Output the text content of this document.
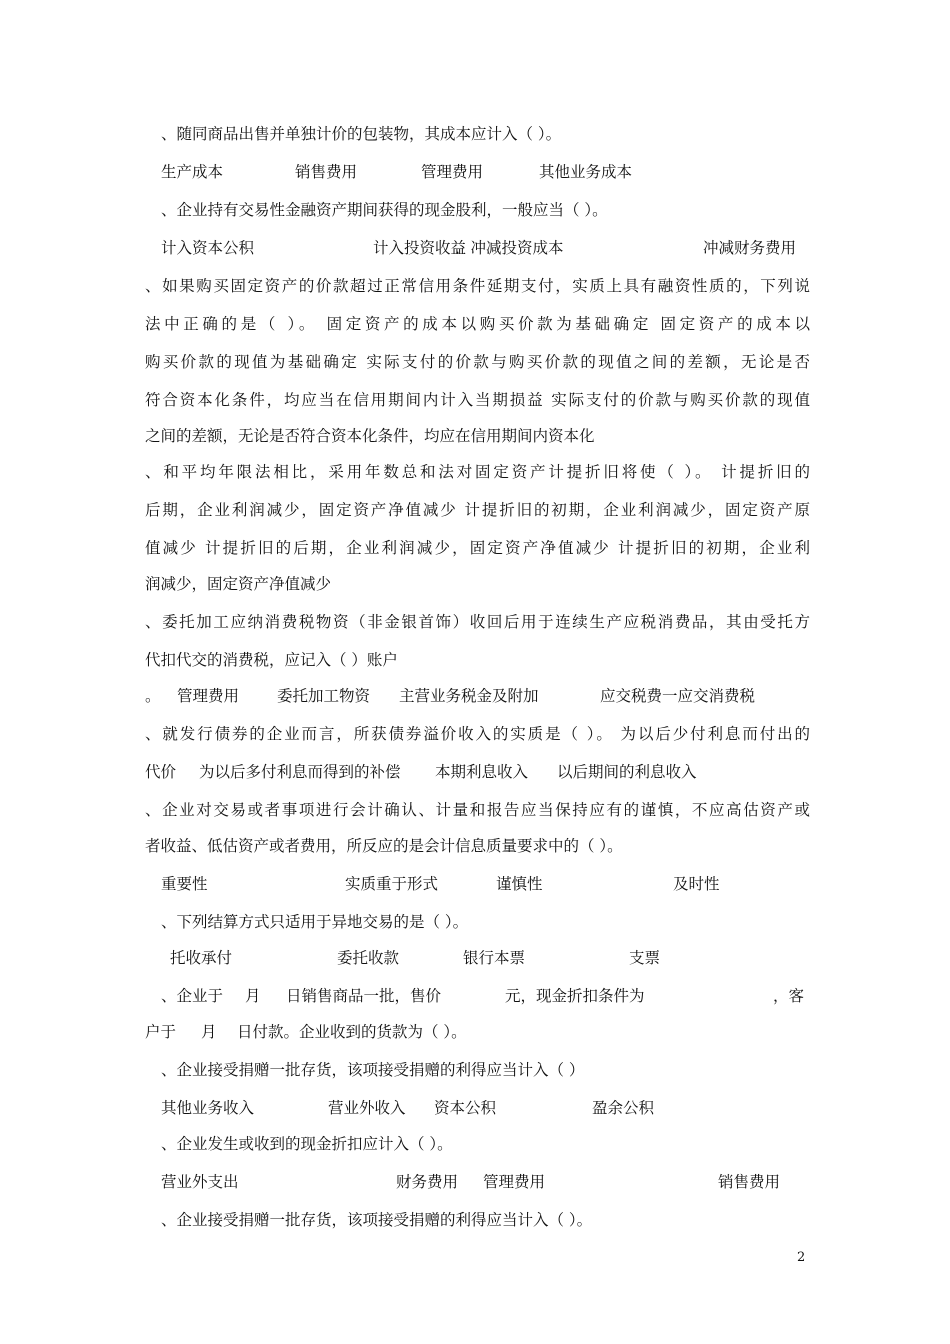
、随同商品出售并单独计价的包装物，其成本应计入（ ）。
生产成本	销售费用	管理费用	其他业务成本
、企业持有交易性金融资产期间获得的现金股利，一般应当（ ）。
计入资本公积	计入投资收益
．冲减投资成本	冲减财务费用
、如果购买固定资产的价款超过正常信用条件延期支付，实质上具有融资性质的，下列说
法中正确的是（ ）。 固定资产的成本以购买价款为基础确定 固定资产的成本以
购买价款的现值为基础确定 实际支付的价款与购买价款的现值之间的差额，无论是否
符合资本化条件，均应当在信用期间内计入当期损益 实际支付的价款与购买价款的现值
之间的差额，无论是否符合资本化条件，均应在信用期间内资本化
、和平均年限法相比，采用年数总和法对固定资产计提折旧将使（ ）。 计提折旧的
后期，企业利润减少，固定资产净值减少 计提折旧的初期，企业利润减少，固定资产原
值减少 计提折旧的后期，企业利润减少，固定资产净值减少 计提折旧的初期，企业利
润减少，固定资产净值减少
、委托加工应纳消费税物资（非金银首饰）收回后用于连续生产应税消费品，其由受托方
代扣代交的消费税，应记入（ ）账户
。 管理费用 委托加工物资 主营业务税金及附加	应交税费一应交消费税
、就发行债券的企业而言，所获债券溢价收入的实质是（ ）。 为以后少付利息而付出的
代价 为以后多付利息而得到的补偿 本期利息收入 以后期间的利息收入
、企业对交易或者事项进行会计确认、计量和报告应当保持应有的谨慎，不应高估资产或
者收益、低估资产或者费用，所反应的是会计信息质量要求中的（ ）。
重要性	实质重于形式	谨慎性	及时性
、下列结算方式只适用于异地交易的是（ ）。
托收承付	委托收款	银行本票	支票
、企业于 月 日销售商品一批，售价	元，现金折扣条件为	，客
户于 月 日付款。企业收到的货款为（ ）。
、企业接受捐赠一批存货，该项接受捐赠的利得应当计入（ ）
其他业务收入	营业外收入 资本公积	盈余公积
、企业发生或收到的现金折扣应计入（ ）。
营业外支出	财务费用 管理费用	销售费用
、企业接受捐赠一批存货，该项接受捐赠的利得应当计入（ ）。
2
